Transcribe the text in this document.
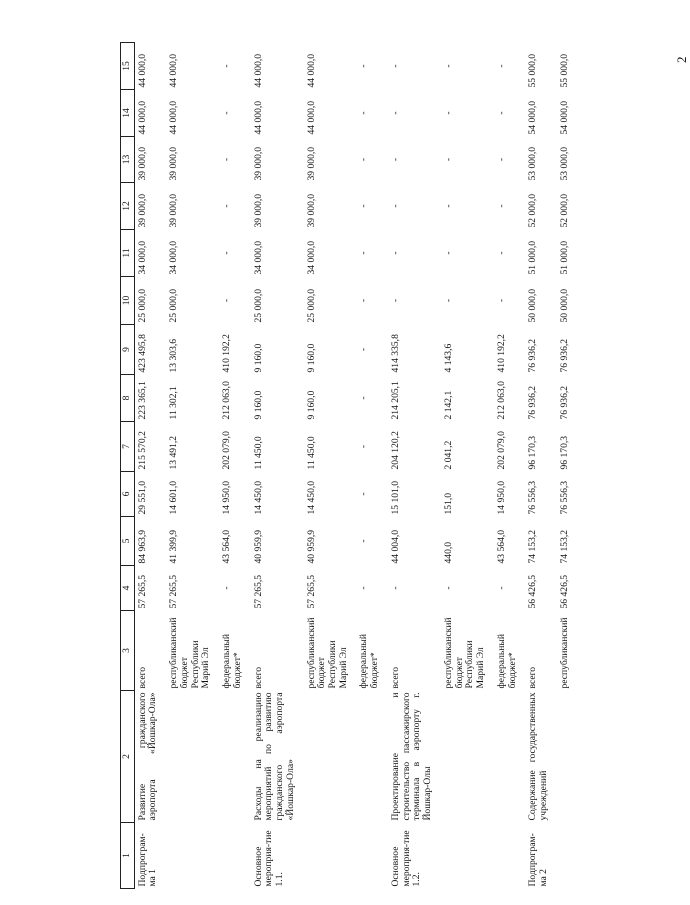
2
1	2	3	4	5	6	7	8	9	10	11	12	13	14	15
Подпрограм-ма 1	Развитие гражданского аэропорта «Йошкар-Ола»	всего	57 265,5	84 963,9	29 551,0	215 570,2	223 365,1	423 495,8	25 000,0	34 000,0	39 000,0	39 000,0	44 000,0	44 000,0
		республиканский бюджет Республики Марий Эл	57 265,5	41 399,9	14 601,0	13 491,2	11 302,1	13 303,6	25 000,0	34 000,0	39 000,0	39 000,0	44 000,0	44 000,0
		федеральный бюджет*	-	43 564,0	14 950,0	202 079,0	212 063,0	410 192,2	-	-	-	-	-	-
Основное мероприя-тие 1.1.	Расходы на реализацию мероприятий по развитию гражданского аэропорта «Йошкар-Ола»	всего	57 265,5	40 959,9	14 450,0	11 450,0	9 160,0	9 160,0	25 000,0	34 000,0	39 000,0	39 000,0	44 000,0	44 000,0
		республиканский бюджет Республики Марий Эл	57 265,5	40 959,9	14 450,0	11 450,0	9 160,0	9 160,0	25 000,0	34 000,0	39 000,0	39 000,0	44 000,0	44 000,0
		федеральный бюджет*	-	-	-	-	-	-	-	-	-	-	-	-
Основное мероприя-тие 1.2.	Проектирование и строительство пассажирского терминала в аэропорту г. Йошкар-Олы	всего	-	44 004,0	15 101,0	204 120,2	214 205,1	414 335,8	-	-	-	-	-	-
		республиканский бюджет Республики Марий Эл	-	440,0	151,0	2 041,2	2 142,1	4 143,6	-	-	-	-	-	-
		федеральный бюджет*	-	43 564,0	14 950,0	202 079,0	212 063,0	410 192,2	-	-	-	-	-	-
Подпрограм-ма 2	Содержание государственных учреждений	всего	56 426,5	74 153,2	76 556,3	96 170,3	76 936,2	76 936,2	50 000,0	51 000,0	52 000,0	53 000,0	54 000,0	55 000,0
		республиканский	56 426,5	74 153,2	76 556,3	96 170,3	76 936,2	76 936,2	50 000,0	51 000,0	52 000,0	53 000,0	54 000,0	55 000,0
